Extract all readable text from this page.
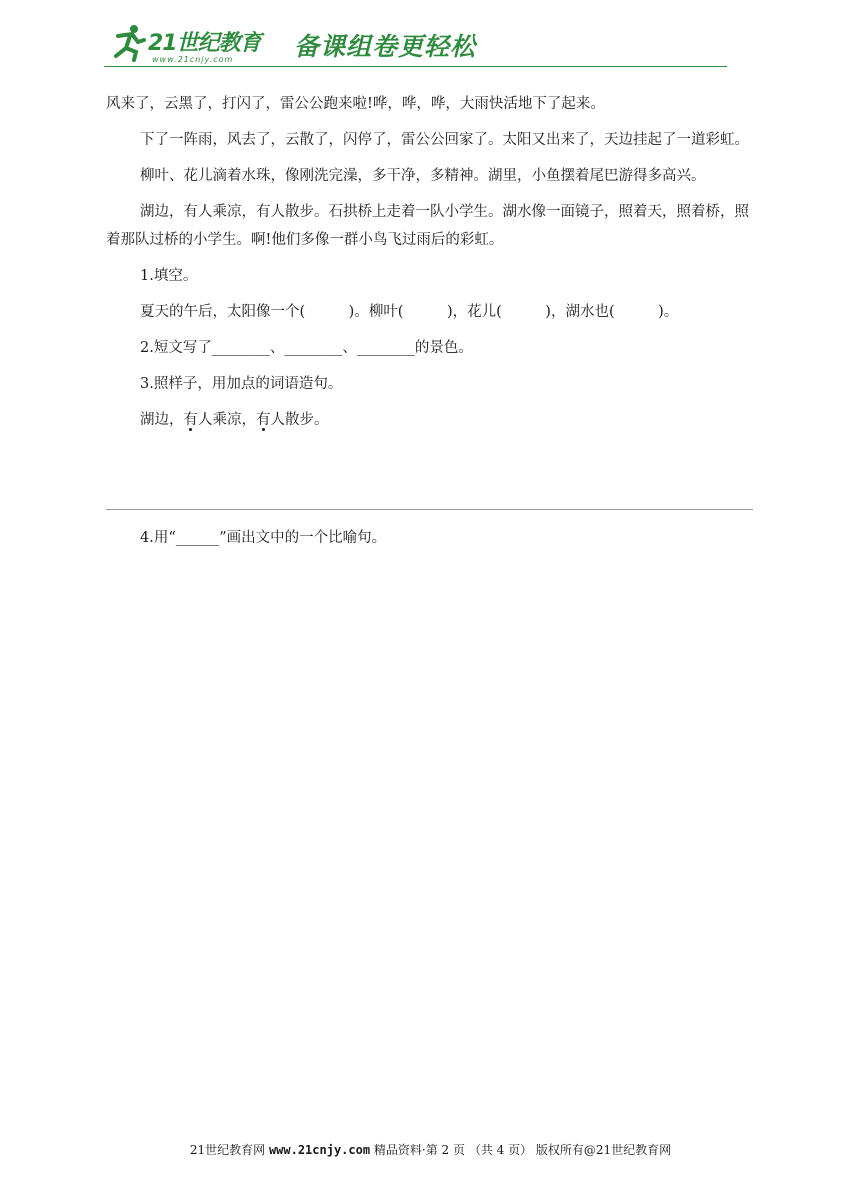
21世纪教育
www.21cnjy.com 备课组卷更轻松

风来了，云黑了，打闪了，雷公公跑来啦!哗，哗，哗，大雨快活地下了起来。

下了一阵雨，风去了，云散了，闪停了，雷公公回家了。太阳又出来了，天边挂起了一道彩虹。

柳叶、花儿滴着水珠，像刚洗完澡，多干净，多精神。湖里，小鱼摆着尾巴游得多高兴。

湖边，有人乘凉，有人散步。石拱桥上走着一队小学生。湖水像一面镜子，照着天，照着桥，照着那队过桥的小学生。啊!他们多像一群小鸟飞过雨后的彩虹。

1.填空。

夏天的午后，太阳像一个(　　　)。柳叶(　　　)，花儿(　　　)，湖水也(　　　)。

2.短文写了________、________、________的景色。

3.照样子，用加点的词语造句。

湖边，有人乘凉，有人散步。

4.用“______”画出文中的一个比喻句。
21世纪教育网 www.21cnjy.com 精品资料·第 2 页 （共 4 页） 版权所有@21世纪教育网
